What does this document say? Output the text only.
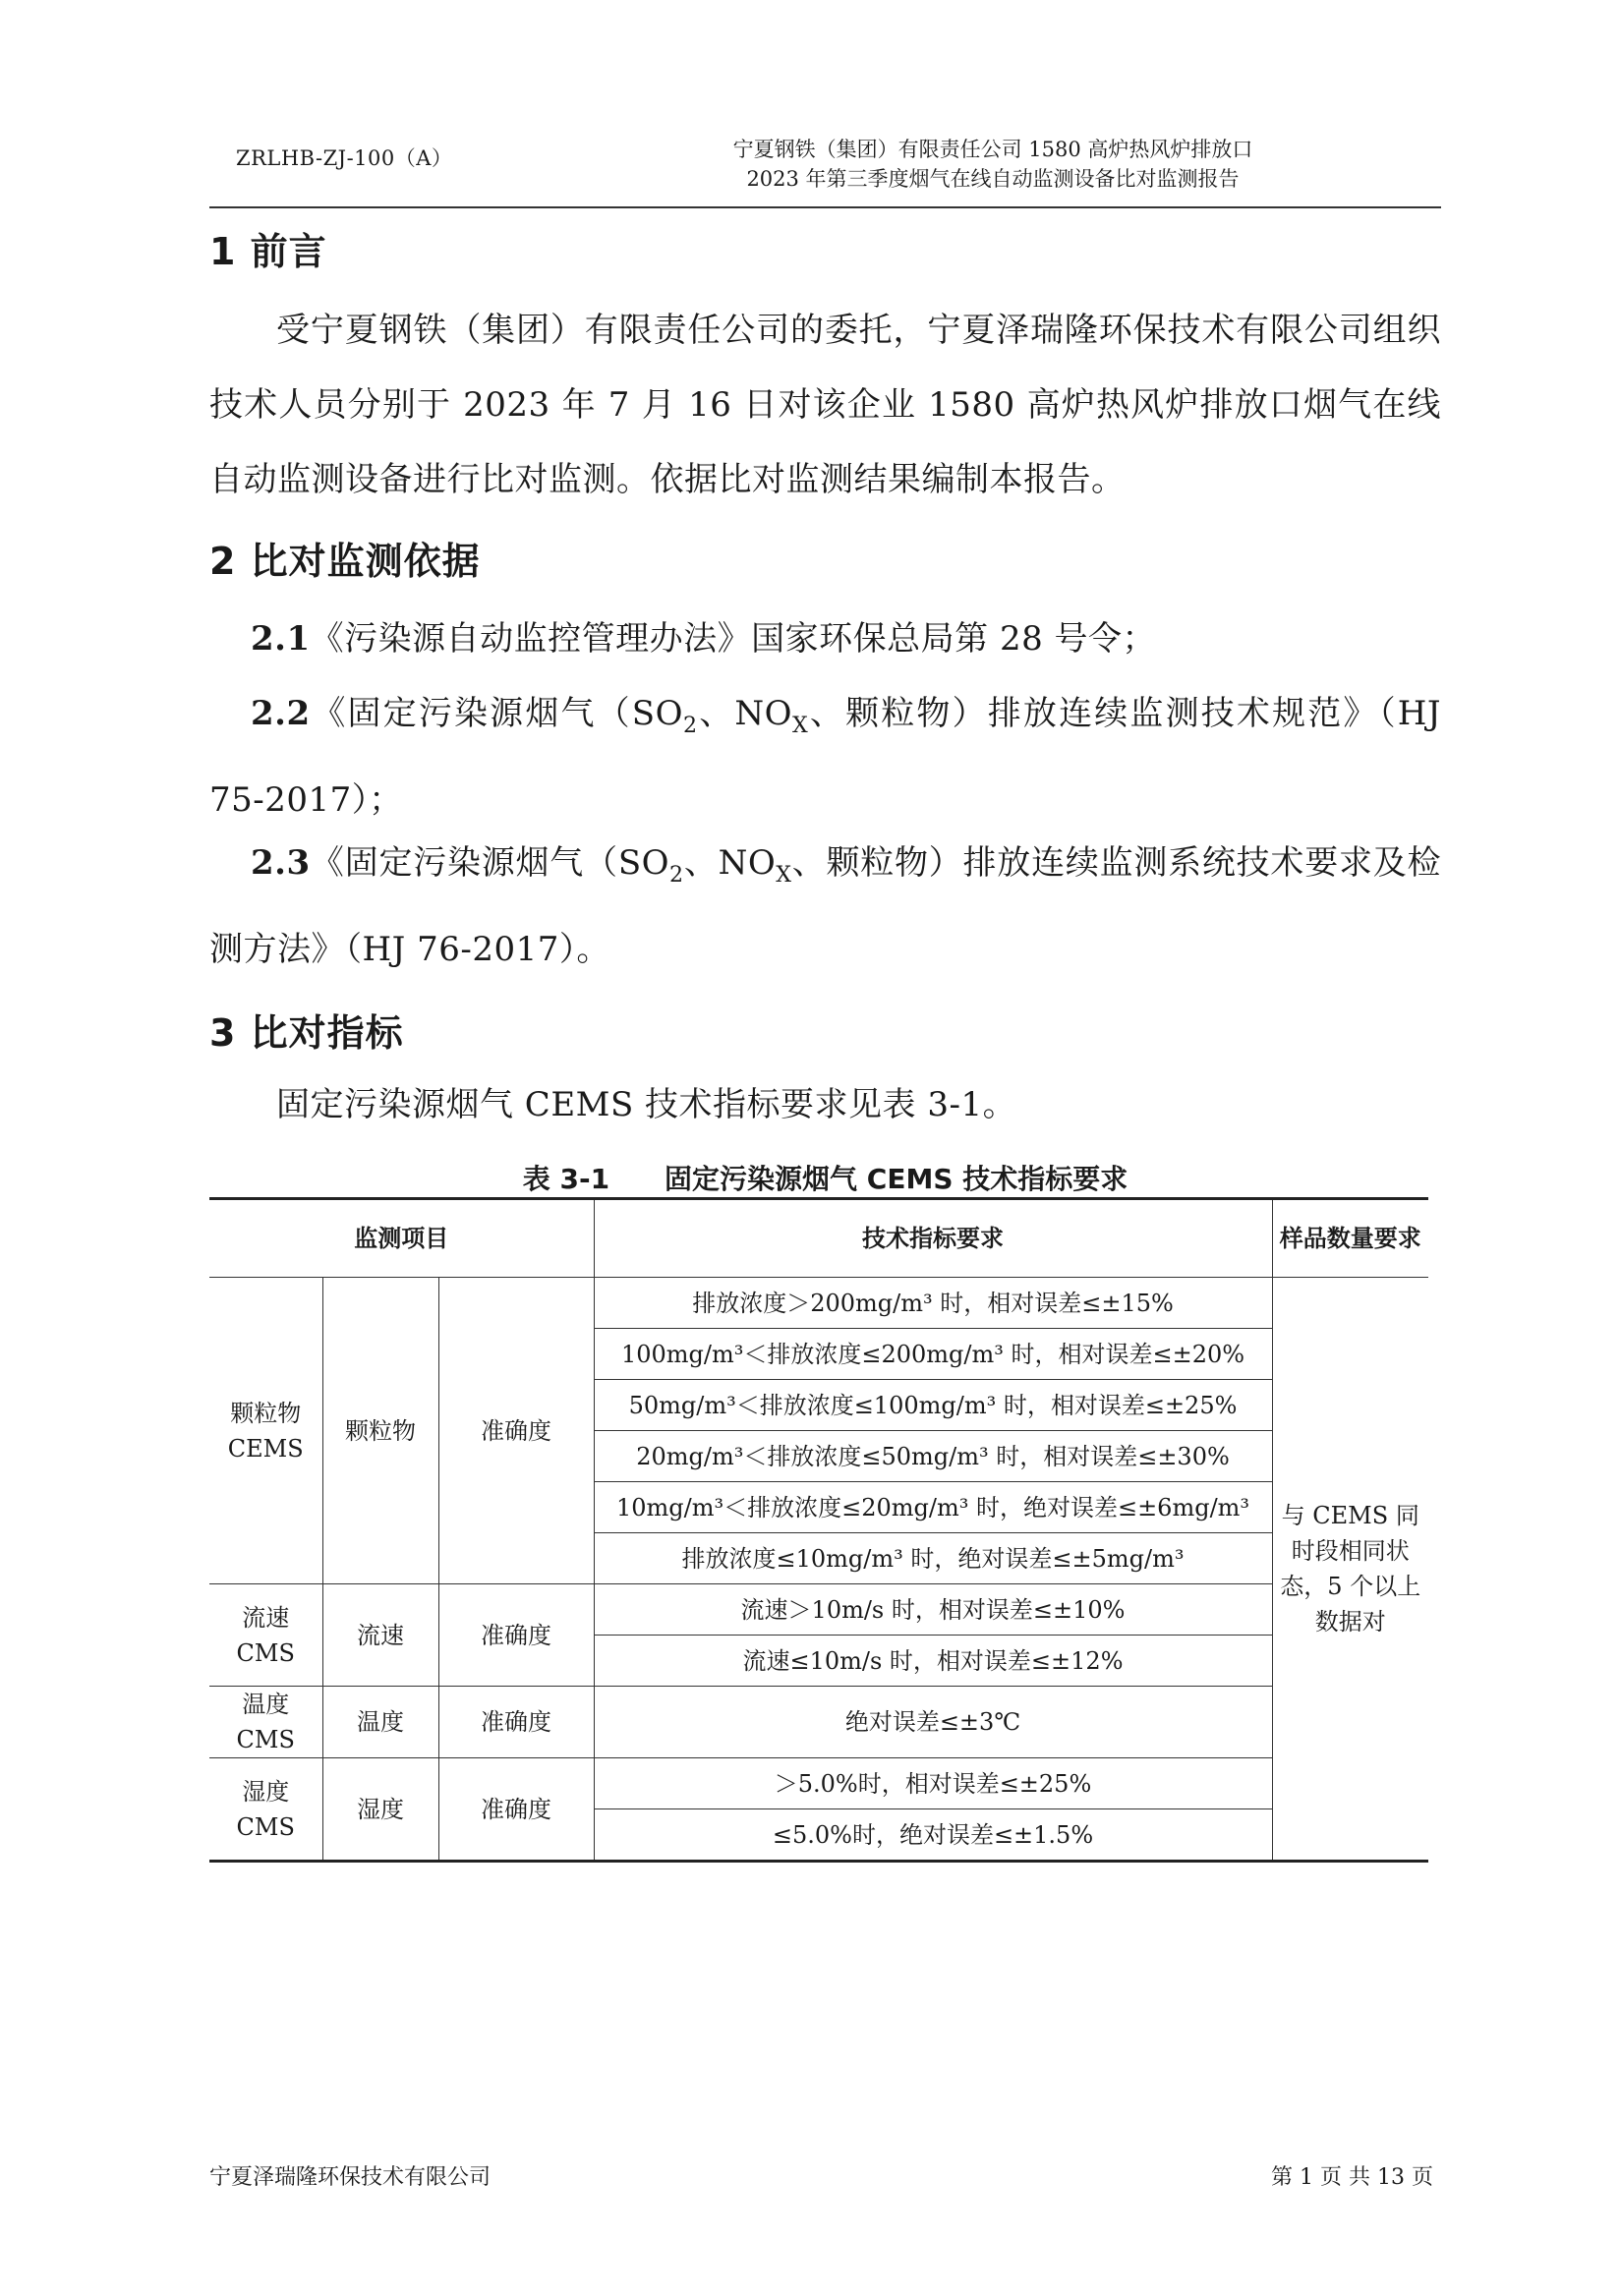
ZRLHB-ZJ-100（A）	宁夏钢铁（集团）有限责任公司 1580 高炉热风炉排放口
2023 年第三季度烟气在线自动监测设备比对监测报告
1 前言
受宁夏钢铁（集团）有限责任公司的委托，宁夏泽瑞隆环保技术有限公司组织技术人员分别于 2023 年 7 月 16 日对该企业 1580 高炉热风炉排放口烟气在线自动监测设备进行比对监测。依据比对监测结果编制本报告。
2 比对监测依据
2.1《污染源自动监控管理办法》国家环保总局第 28 号令；
2.2《固定污染源烟气（$SO_2$、$NO_X$、颗粒物）排放连续监测技术规范》（HJ 75-2017）；
2.3《固定污染源烟气（$SO_2$、$NO_X$、颗粒物）排放连续监测系统技术要求及检测方法》（HJ 76-2017）。
3 比对指标
固定污染源烟气 CEMS 技术指标要求见表 3-1。
表 3-1　　固定污染源烟气 CEMS 技术指标要求
监测项目			技术指标要求	样品数量要求
颗粒物CEMS	颗粒物	准确度	排放浓度＞200mg/m³ 时，相对误差≤±15%	与 CEMS 同时段相同状态，5 个以上数据对
			100mg/m³＜排放浓度≤200mg/m³ 时，相对误差≤±20%	
			50mg/m³＜排放浓度≤100mg/m³ 时，相对误差≤±25%	
			20mg/m³＜排放浓度≤50mg/m³ 时，相对误差≤±30%	
			10mg/m³＜排放浓度≤20mg/m³ 时，绝对误差≤±6mg/m³	
			排放浓度≤10mg/m³ 时，绝对误差≤±5mg/m³	
流速CMS	流速	准确度	流速＞10m/s 时，相对误差≤±10%	
			流速≤10m/s 时，相对误差≤±12%	
温度CMS	温度	准确度	绝对误差≤±3℃	
湿度CMS	湿度	准确度	＞5.0%时，相对误差≤±25%	
			≤5.0%时，绝对误差≤±1.5%	
宁夏泽瑞隆环保技术有限公司	第 1 页 共 13 页
